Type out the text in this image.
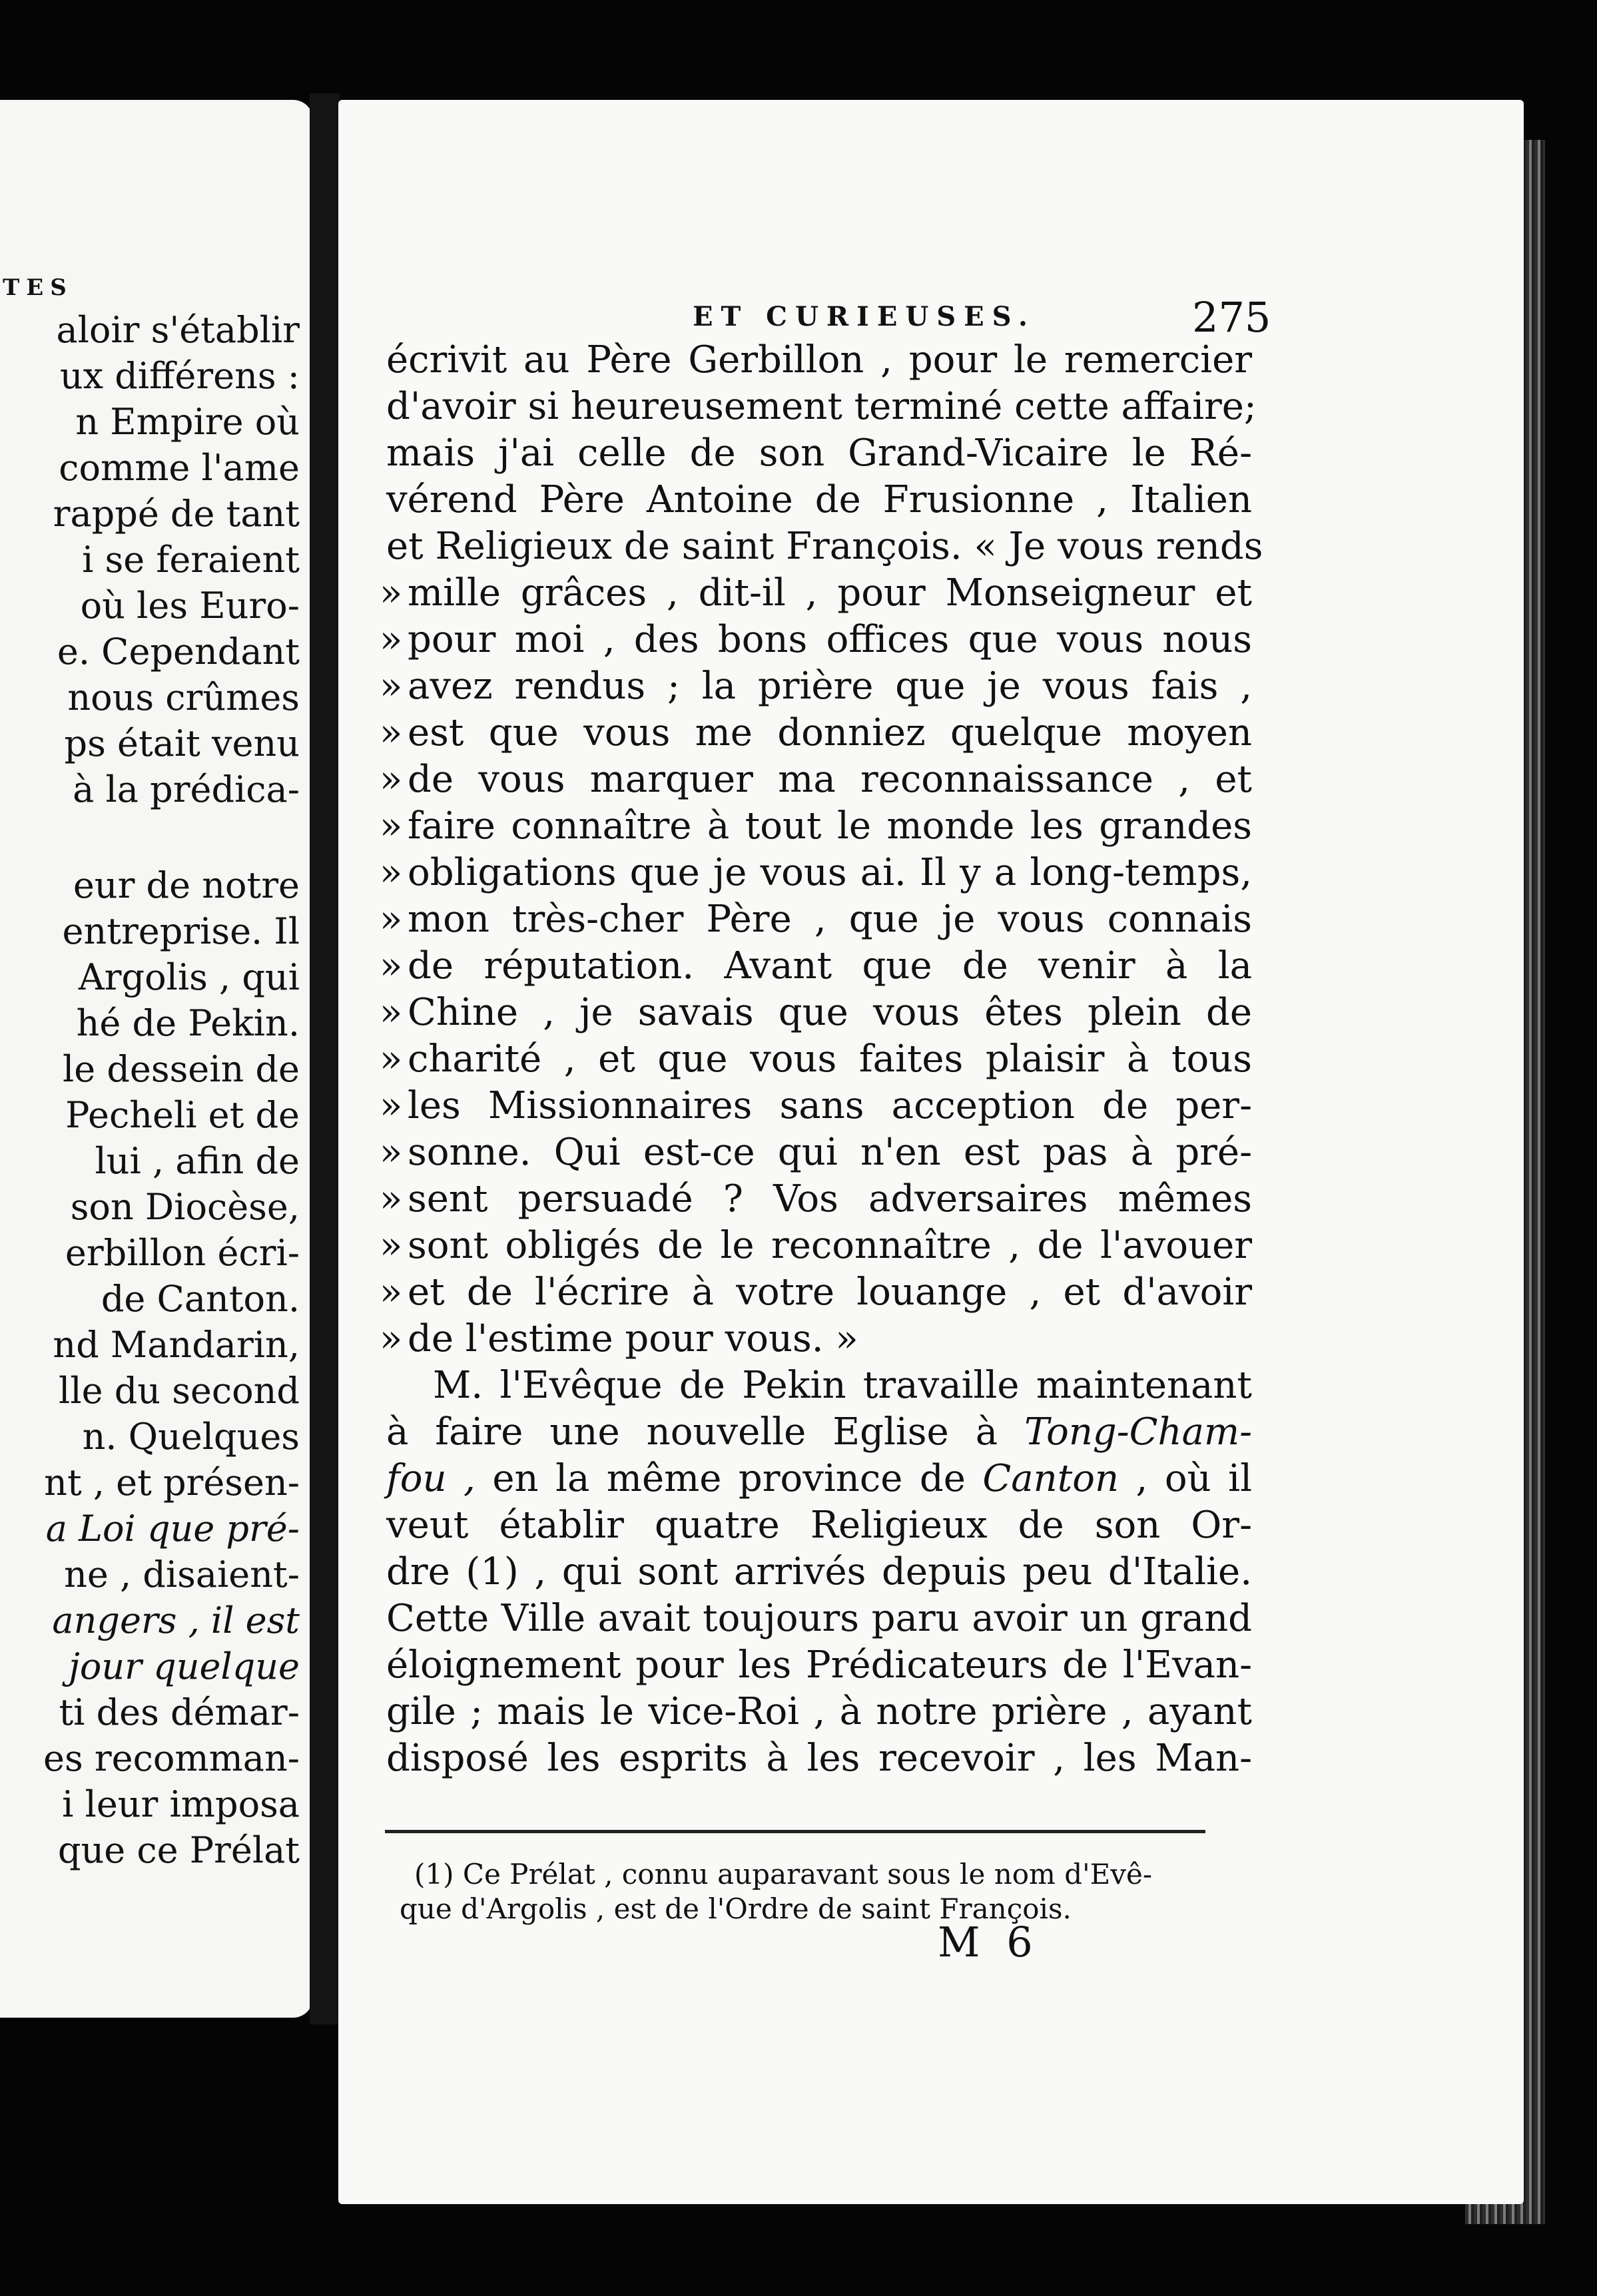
TES
aloir s'établir
ux différens :
n Empire où
comme l'ame
rappé de tant
i se feraient
où les Euro-
e. Cependant
nous crûmes
ps était venu
à la prédica-
eur de notre
entreprise. Il
Argolis , qui
hé de Pekin.
le dessein de
Pecheli et de
lui , afin de
son Diocèse,
erbillon écri-
de Canton.
nd Mandarin,
lle du second
n. Quelques
nt , et présen-
a Loi que pré-
ne , disaient-
angers , il est
jour quelque
ti des démar-
es recomman-
i leur imposa
que ce Prélat
ET CURIEUSES.	275
écrivit au Père Gerbillon , pour le remercier
d'avoir si heureusement terminé cette affaire;
mais j'ai celle de son Grand-Vicaire le Ré-
vérend Père Antoine de Frusionne , Italien
et Religieux de saint François. « Je vous rends
» mille grâces , dit-il , pour Monseigneur et
» pour moi , des bons offices que vous nous
» avez rendus ; la prière que je vous fais ,
» est que vous me donniez quelque moyen
» de vous marquer ma reconnaissance , et
» faire connaître à tout le monde les grandes
» obligations que je vous ai. Il y a long-temps,
» mon très-cher Père , que je vous connais
» de réputation. Avant que de venir à la
» Chine , je savais que vous êtes plein de
» charité , et que vous faites plaisir à tous
» les Missionnaires sans acception de per-
» sonne. Qui est-ce qui n'en est pas à pré-
» sent persuadé ? Vos adversaires mêmes
» sont obligés de le reconnaître , de l'avouer
» et de l'écrire à votre louange , et d'avoir
» de l'estime pour vous. »
M. l'Evêque de Pekin travaille maintenant
à faire une nouvelle Eglise à Tong-Cham-
fou , en la même province de Canton , où il
veut établir quatre Religieux de son Or-
dre (1) , qui sont arrivés depuis peu d'Italie.
Cette Ville avait toujours paru avoir un grand
éloignement pour les Prédicateurs de l'Evan-
gile ; mais le vice-Roi , à notre prière , ayant
disposé les esprits à les recevoir , les Man-
(1) Ce Prélat , connu auparavant sous le nom d'Evê-
que d'Argolis , est de l'Ordre de saint François.
M 6
